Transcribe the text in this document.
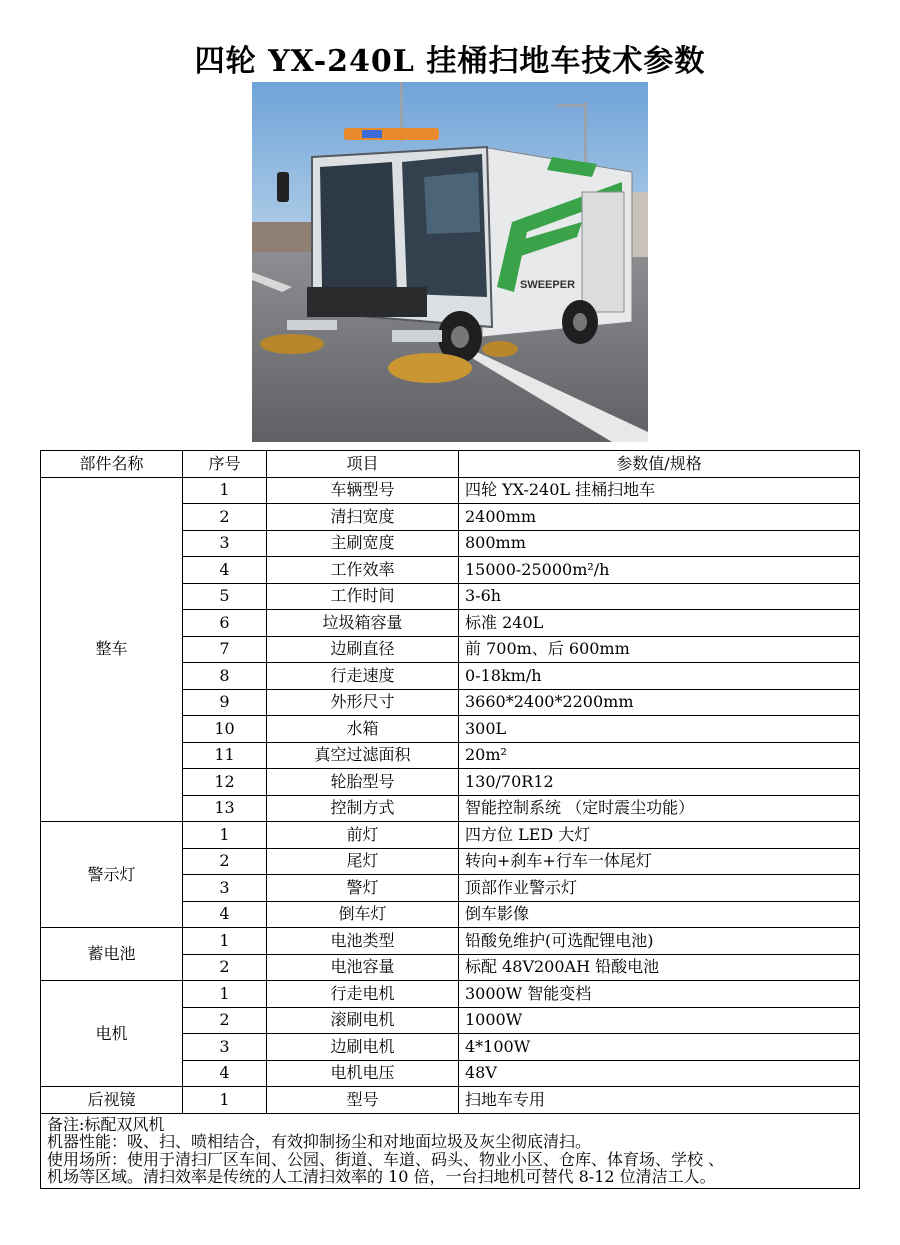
四轮 YX-240L 挂桶扫地车技术参数
SWEEPER
部件名称	序号	项目	参数值/规格
整车	1	车辆型号	四轮 YX-240L 挂桶扫地车
	2	清扫宽度	2400mm
	3	主刷宽度	800mm
	4	工作效率	15000-25000m²/h
	5	工作时间	3-6h
	6	垃圾箱容量	标准 240L
	7	边刷直径	前 700m、后 600mm
	8	行走速度	0-18km/h
	9	外形尺寸	3660*2400*2200mm
	10	水箱	300L
	11	真空过滤面积	20m²
	12	轮胎型号	130/70R12
	13	控制方式	智能控制系统 （定时震尘功能）
警示灯	1	前灯	四方位 LED 大灯
	2	尾灯	转向+刹车+行车一体尾灯
	3	警灯	顶部作业警示灯
	4	倒车灯	倒车影像
蓄电池	1	电池类型	铅酸免维护(可选配锂电池)
	2	电池容量	标配 48V200AH 铅酸电池
电机	1	行走电机	3000W 智能变档
	2	滚刷电机	1000W
	3	边刷电机	4*100W
	4	电机电压	48V
后视镜	1	型号	扫地车专用

备注:标配双风机
机器性能：吸、扫、喷相结合，有效抑制扬尘和对地面垃圾及灰尘彻底清扫。
使用场所：使用于清扫厂区车间、公园、街道、车道、码头、物业小区、仓库、体育场、学校 、
机场等区域。清扫效率是传统的人工清扫效率的 10 倍，一台扫地机可替代 8-12 位清洁工人。			
